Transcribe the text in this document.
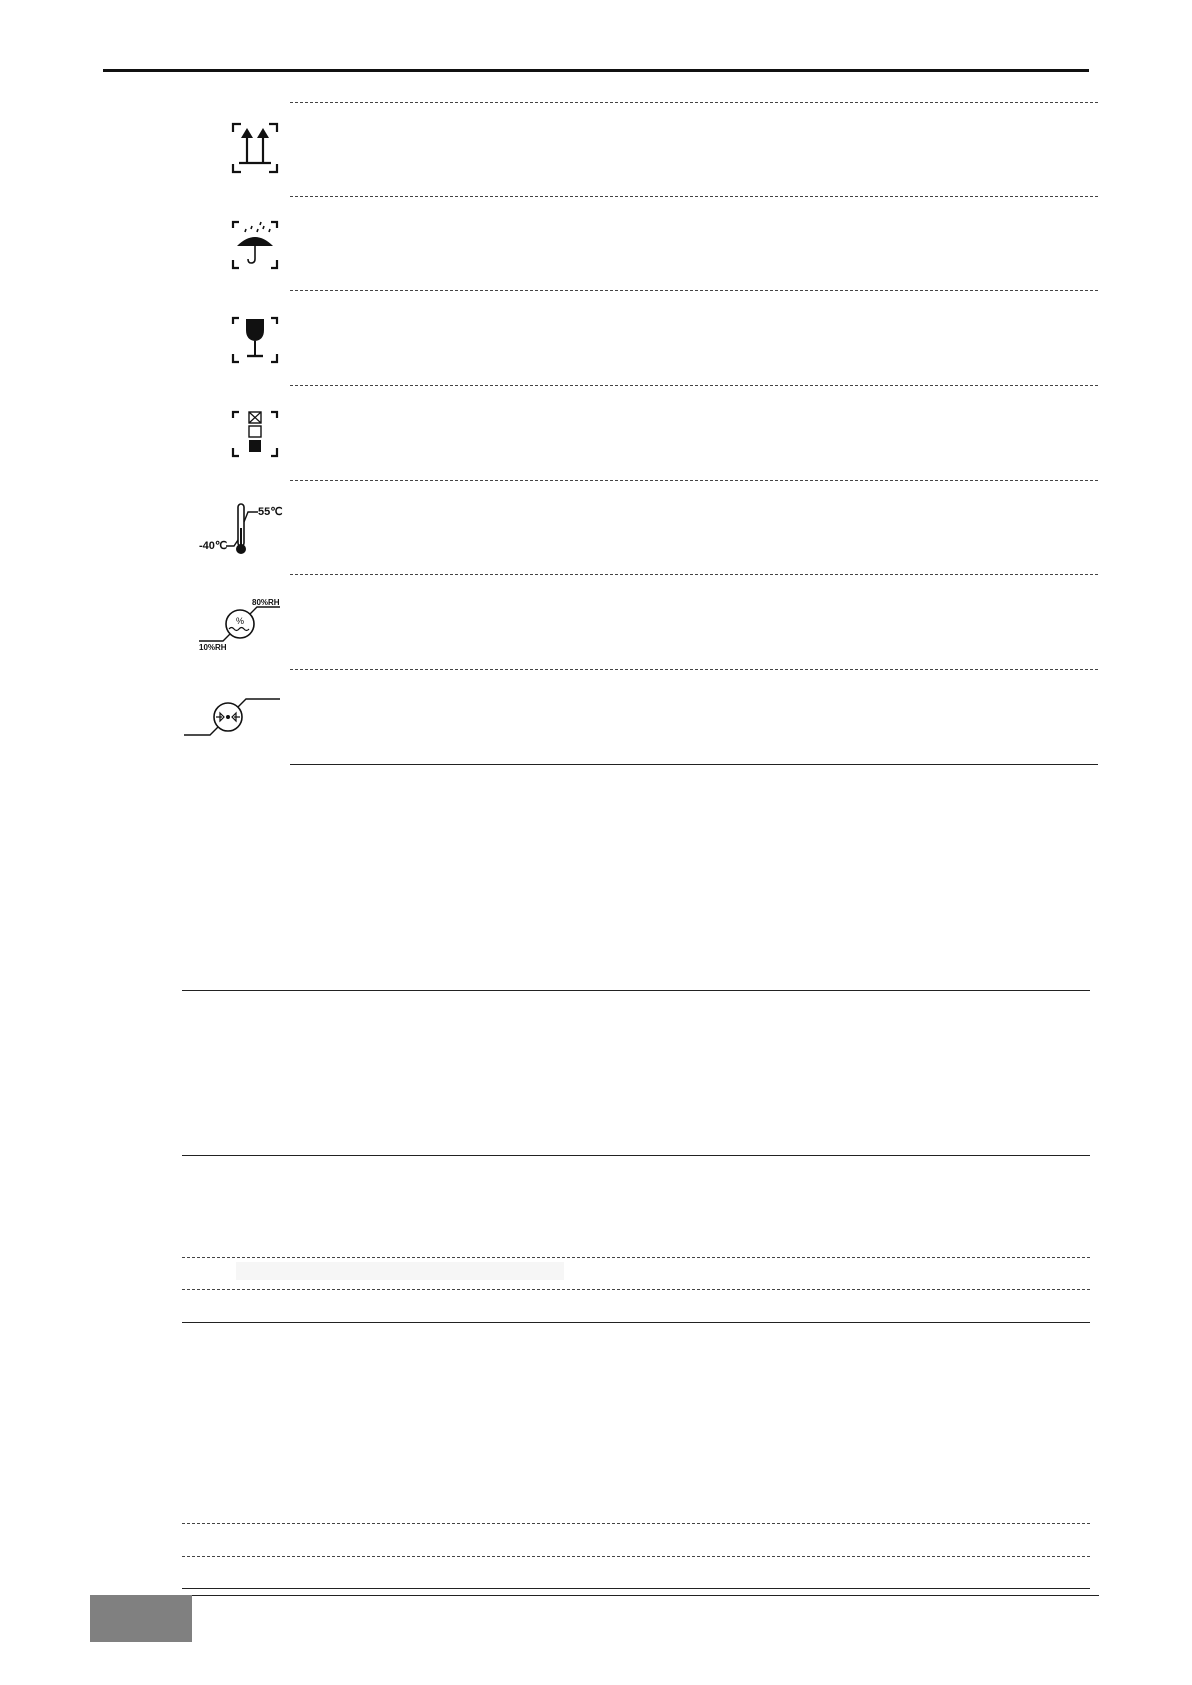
55℃
-40℃
%
80%RH
10%RH
